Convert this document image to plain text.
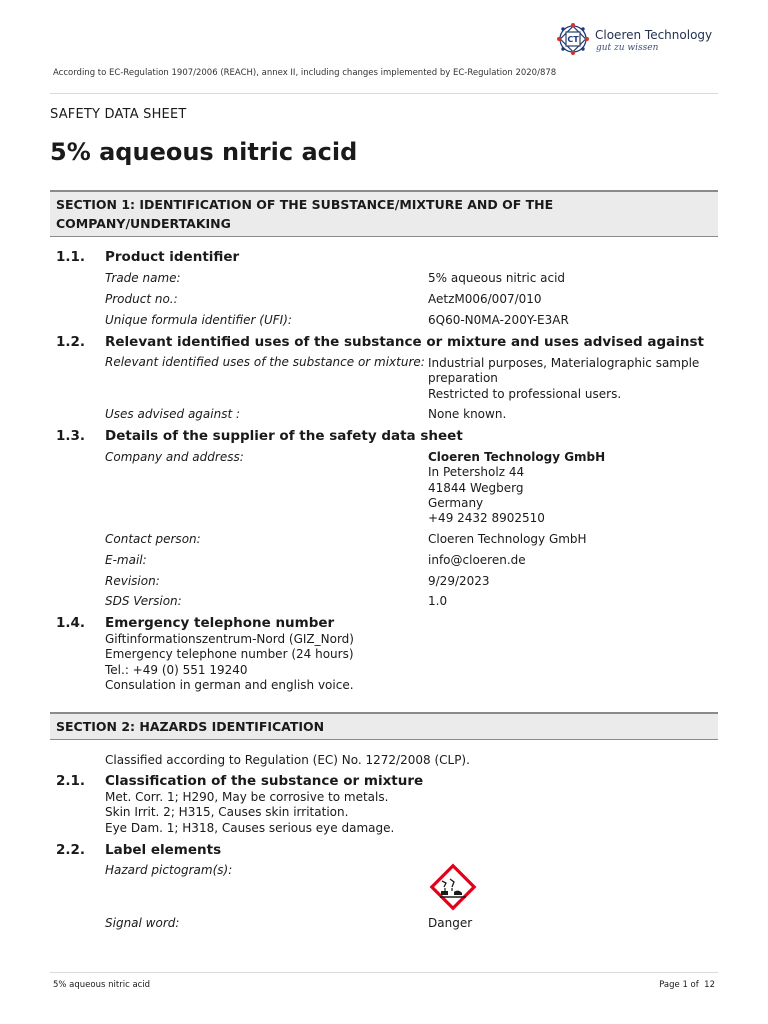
CT Cloeren Technology
gut zu wissen
According to EC-Regulation 1907/2006 (REACH), annex II, including changes implemented by EC-Regulation 2020/878
SAFETY DATA SHEET
5% aqueous nitric acid
SECTION 1: IDENTIFICATION OF THE SUBSTANCE/MIXTURE AND OF THE COMPANY/UNDERTAKING
1.1. Product identifier
Trade name:	5% aqueous nitric acid
Product no.:	AetzM006/007/010
Unique formula identifier (UFI):	6Q60-N0MA-200Y-E3AR
1.2. Relevant identified uses of the substance or mixture and uses advised against
Relevant identified uses of the substance or mixture: Industrial purposes, Materialographic sample
preparation
Restricted to professional users.
Uses advised against :	None known.
1.3. Details of the supplier of the safety data sheet
Company and address:	Cloeren Technology GmbH
In Petersholz 44
41844 Wegberg
Germany
+49 2432 8902510
Contact person:	Cloeren Technology GmbH
E-mail:	info@cloeren.de
Revision:	9/29/2023
SDS Version:	1.0
1.4. Emergency telephone number
Giftinformationszentrum-Nord (GIZ_Nord)
Emergency telephone number (24 hours)
Tel.: +49 (0) 551 19240
Consulation in german and english voice.
SECTION 2: HAZARDS IDENTIFICATION
Classified according to Regulation (EC) No. 1272/2008 (CLP).
2.1. Classification of the substance or mixture
Met. Corr. 1; H290, May be corrosive to metals.
Skin Irrit. 2; H315, Causes skin irritation.
Eye Dam. 1; H318, Causes serious eye damage.
2.2. Label elements
Hazard pictogram(s):
Signal word:	Danger
5% aqueous nitric acid	Page 1 of 12
